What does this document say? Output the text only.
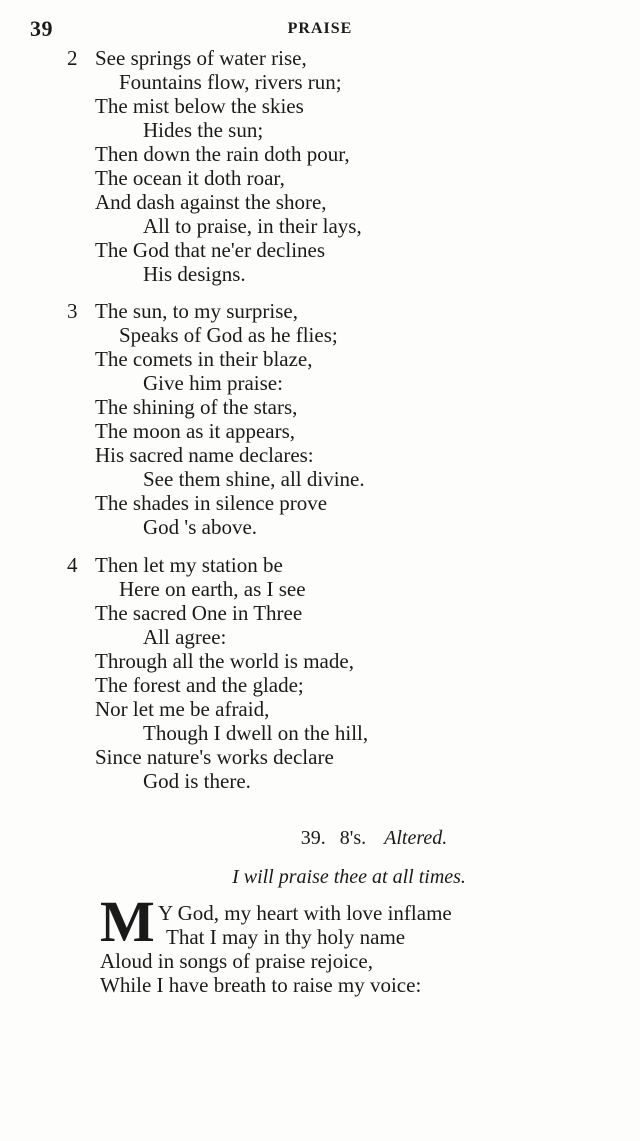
39	PRAISE
2 See springs of water rise,
Fountains flow, rivers run;
The mist below the skies
Hides the sun;
Then down the rain doth pour,
The ocean it doth roar,
And dash against the shore,
All to praise, in their lays,
The God that ne'er declines
His designs.
3 The sun, to my surprise,
Speaks of God as he flies;
The comets in their blaze,
Give him praise:
The shining of the stars,
The moon as it appears,
His sacred name declares:
See them shine, all divine.
The shades in silence prove
God 's above.
4 Then let my station be
Here on earth, as I see
The sacred One in Three
All agree:
Through all the world is made,
The forest and the glade;
Nor let me be afraid,
Though I dwell on the hill,
Since nature's works declare
God is there.
39. 8's. Altered.
I will praise thee at all times.
M Y God, my heart with love inflame
That I may in thy holy name
Aloud in songs of praise rejoice,
While I have breath to raise my voice:
